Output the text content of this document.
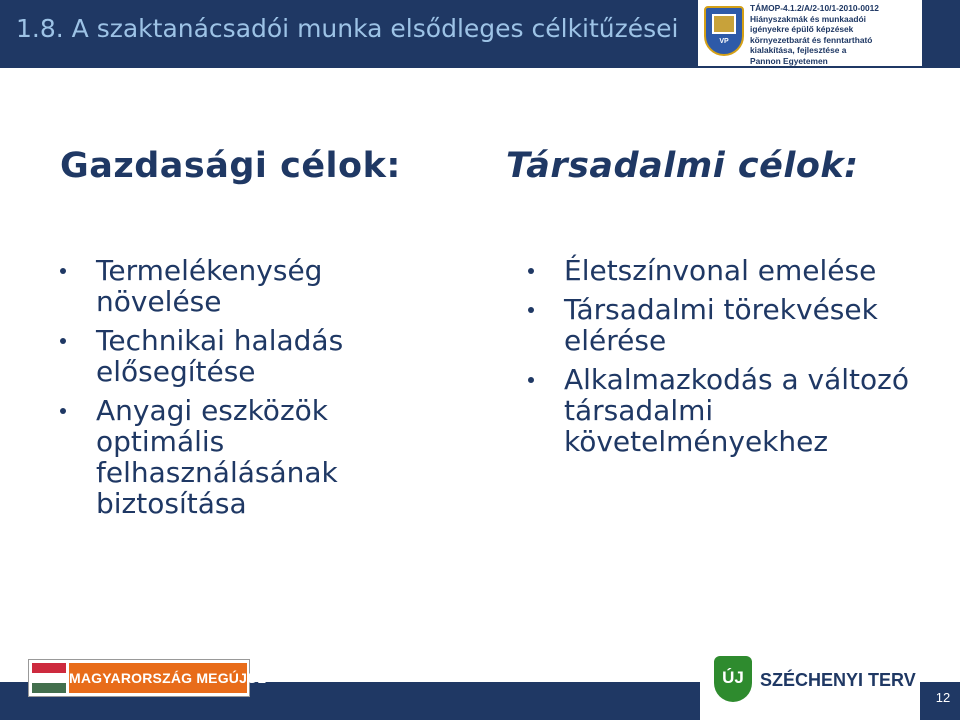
1.8. A szaktanácsadói munka elsődleges célkitűzései	VP
TÁMOP-4.1.2/A/2-10/1-2010-0012
Hiányszakmák és munkaadói
igényekre épülő képzések
környezetbarát és fenntartható
kialakítása, fejlesztése a
Pannon Egyetemen
Gazdasági célok:
Termelékenység növelése
Technikai haladás elősegítése
Anyagi eszközök optimális felhasználásának biztosítása
Társadalmi célok:
Életszínvonal emelése
Társadalmi törekvések elérése
Alkalmazkodás a változó társadalmi követelményekhez
MAGYARORSZÁG MEGÚJUL	ÚJ SZÉCHENYI TERV
12
